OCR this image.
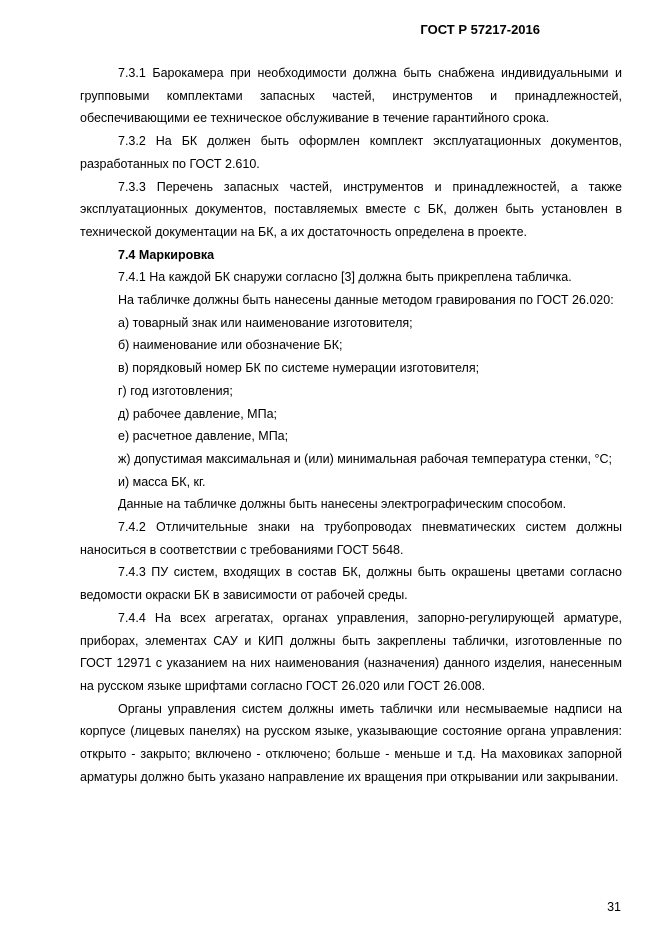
ГОСТ Р 57217-2016

7.3.1 Барокамера при необходимости должна быть снабжена индивидуальными и групповыми комплектами запасных частей, инструментов и принадлежностей, обеспечивающими ее техническое обслуживание в течение гарантийного срока.

7.3.2 На БК должен быть оформлен комплект эксплуатационных документов, разработанных по ГОСТ 2.610.

7.3.3 Перечень запасных частей, инструментов и принадлежностей, а также эксплуатационных документов, поставляемых вместе с БК, должен быть установлен в технической документации на БК, а их достаточность определена в проекте.

7.4 Маркировка

7.4.1 На каждой БК снаружи согласно [3] должна быть прикреплена табличка.

На табличке должны быть нанесены данные методом гравирования по ГОСТ 26.020:

а) товарный знак или наименование изготовителя;

б) наименование или обозначение БК;

в) порядковый номер БК по системе нумерации изготовителя;

г) год изготовления;

д) рабочее давление, МПа;

е) расчетное давление, МПа;

ж) допустимая максимальная и (или) минимальная рабочая температура стенки, °С;

и) масса БК, кг.

Данные на табличке должны быть нанесены электрографическим способом.

7.4.2 Отличительные знаки на трубопроводах пневматических систем должны наноситься в соответствии с требованиями ГОСТ 5648.

7.4.3 ПУ систем, входящих в состав БК, должны быть окрашены цветами согласно ведомости окраски БК в зависимости от рабочей среды.

7.4.4 На всех агрегатах, органах управления, запорно-регулирующей арматуре, приборах, элементах САУ и КИП должны быть закреплены таблички, изготовленные по ГОСТ 12971 с указанием на них наименования (назначения) данного изделия, нанесенным на русском языке шрифтами согласно ГОСТ 26.020 или ГОСТ 26.008.

Органы управления систем должны иметь таблички или несмываемые надписи на корпусе (лицевых панелях) на русском языке, указывающие состояние органа управления: открыто - закрыто; включено - отключено; больше - меньше и т.д. На маховиках запорной арматуры должно быть указано направление их вращения при открывании или закрывании.

31
